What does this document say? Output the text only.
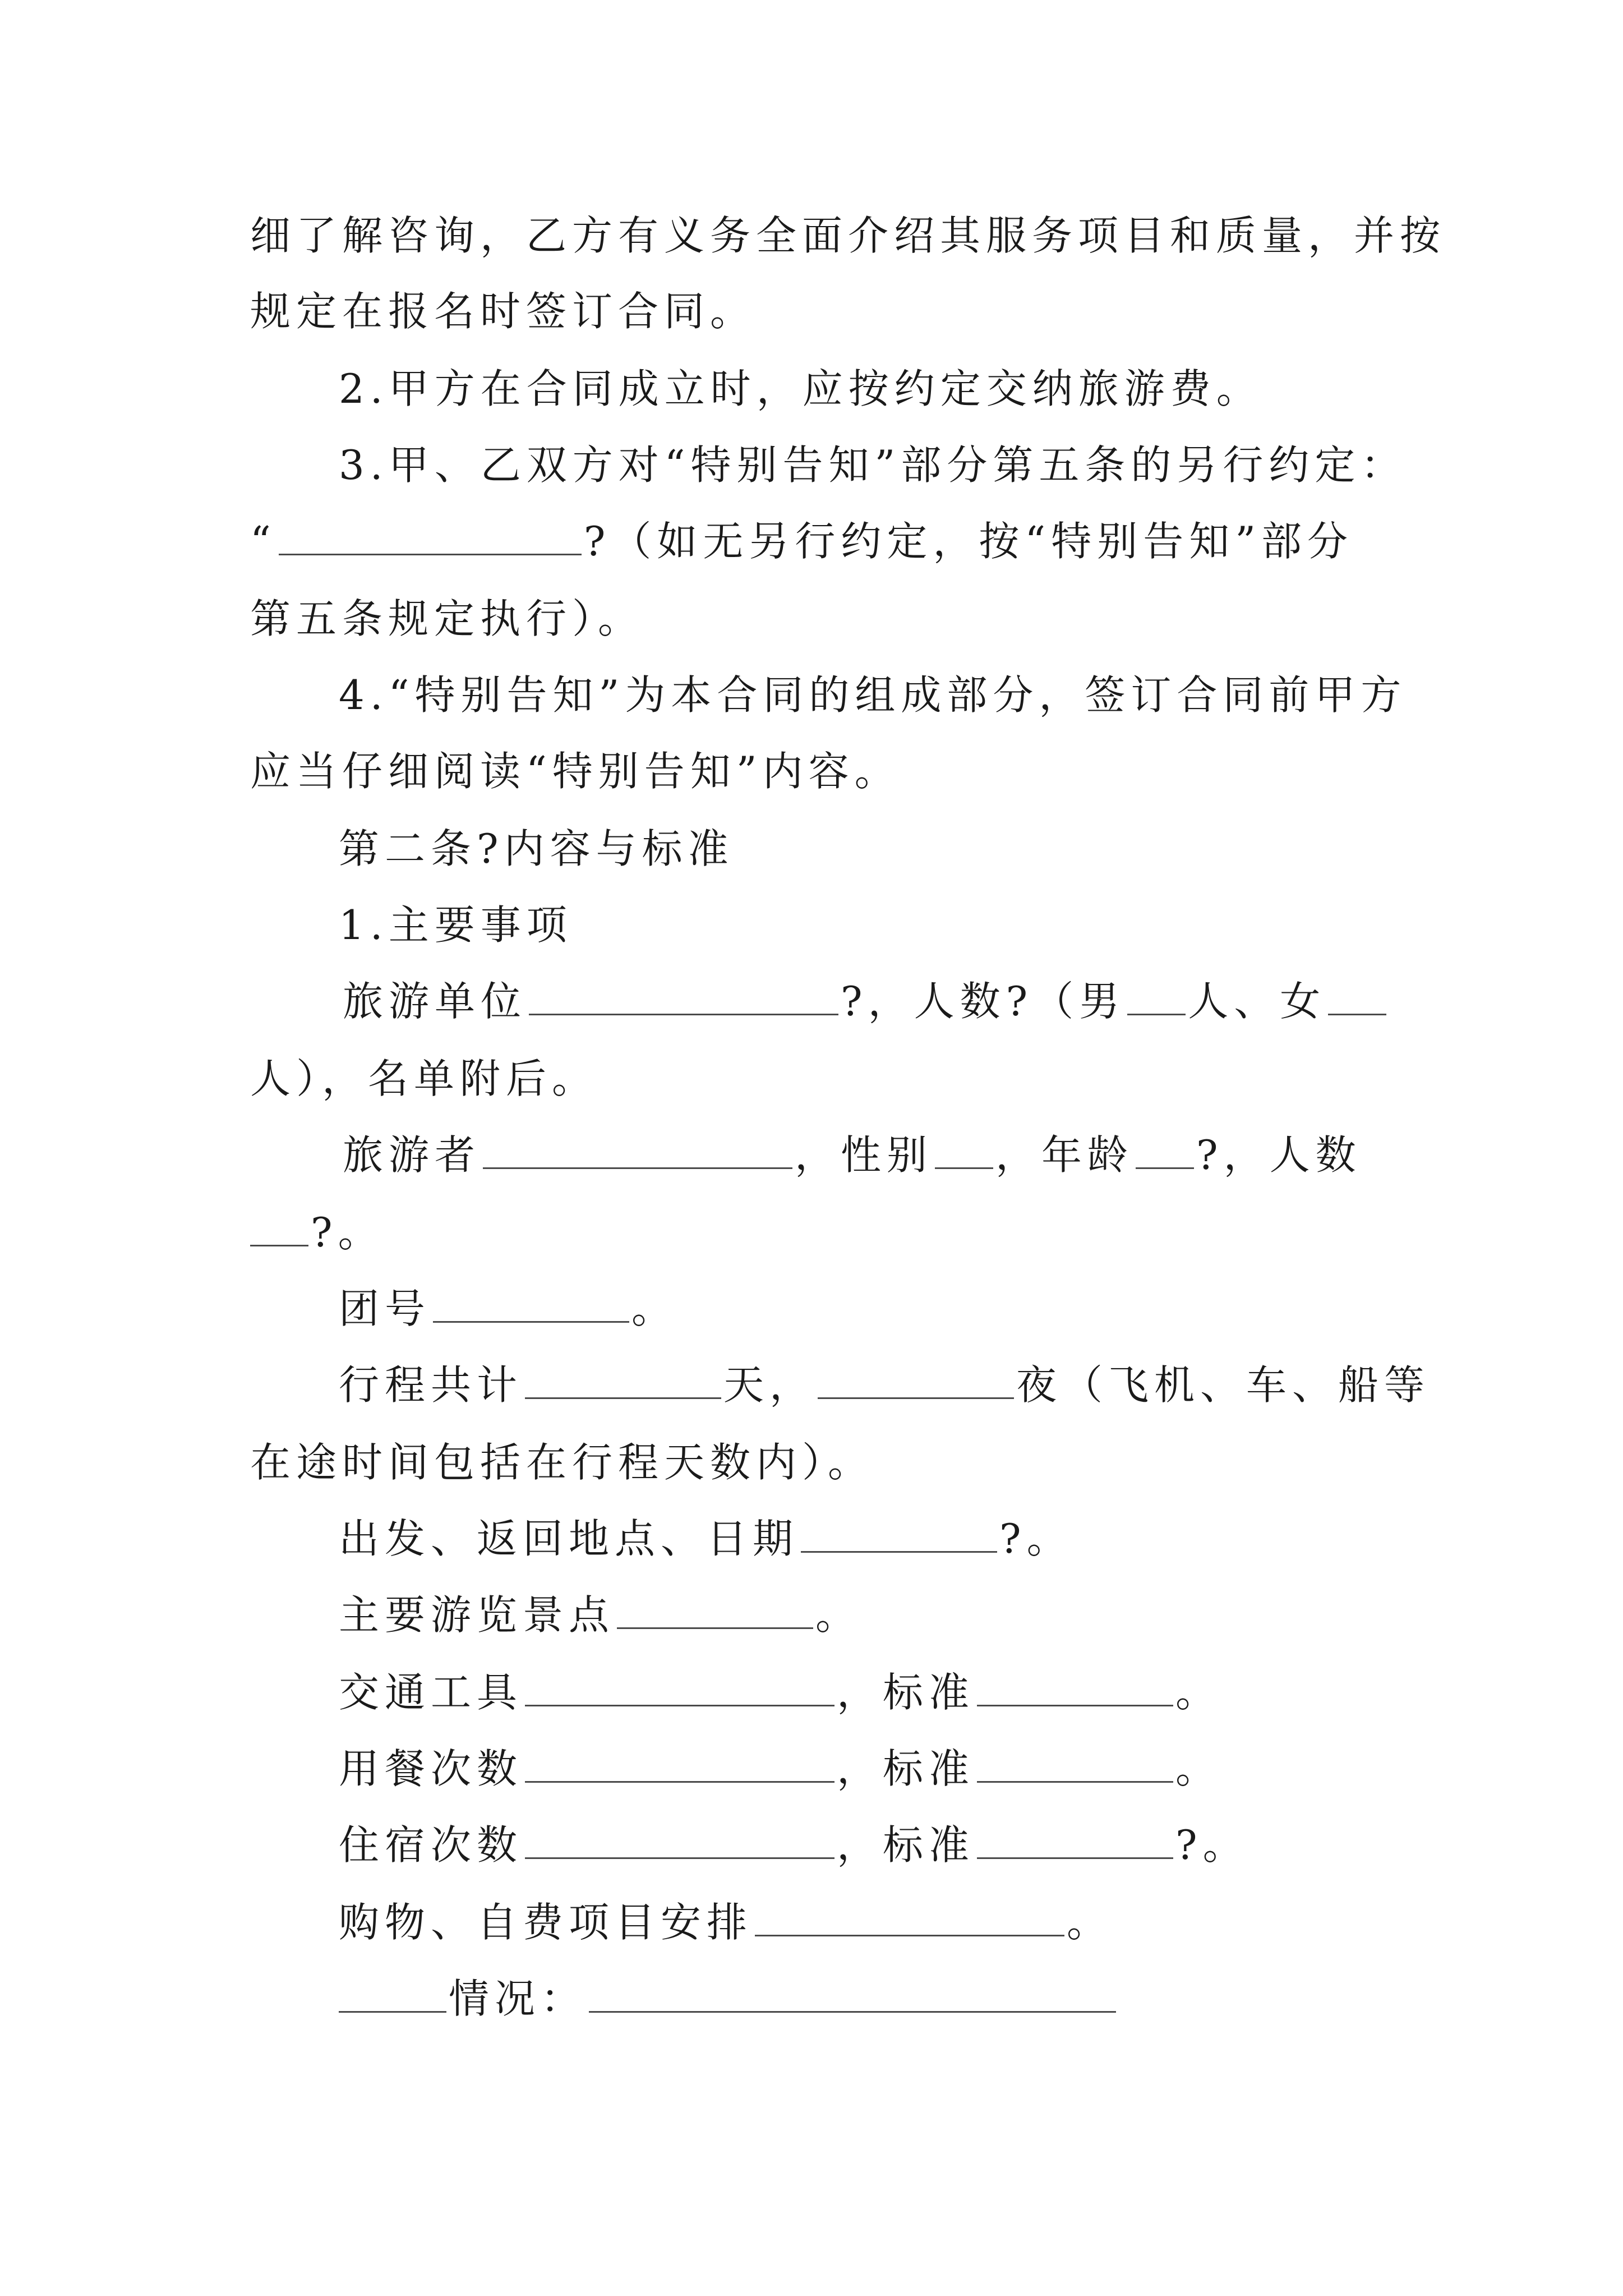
细了解咨询，乙方有义务全面介绍其服务项目和质量，并按
规定在报名时签订合同。
2.甲方在合同成立时，应按约定交纳旅游费。
3.甲、乙双方对“特别告知”部分第五条的另行约定：
“	?（如无另行约定，按“特别告知”部分
第五条规定执行）。
4.“特别告知”为本合同的组成部分，签订合同前甲方
应当仔细阅读“特别告知”内容。
第二条?内容与标准
1.主要事项
旅游单位	?，人数?（男 人、女
人），名单附后。
旅游者	，性别 ，年龄 ?，人数
?。
团号	。
行程共计	天，	夜（飞机、车、船等
在途时间包括在行程天数内）。
出发、返回地点、日期	?。
主要游览景点	。
交通工具	，标准	。
用餐次数	，标准	。
住宿次数	，标准	?。
购物、自费项目安排	。
情况：
